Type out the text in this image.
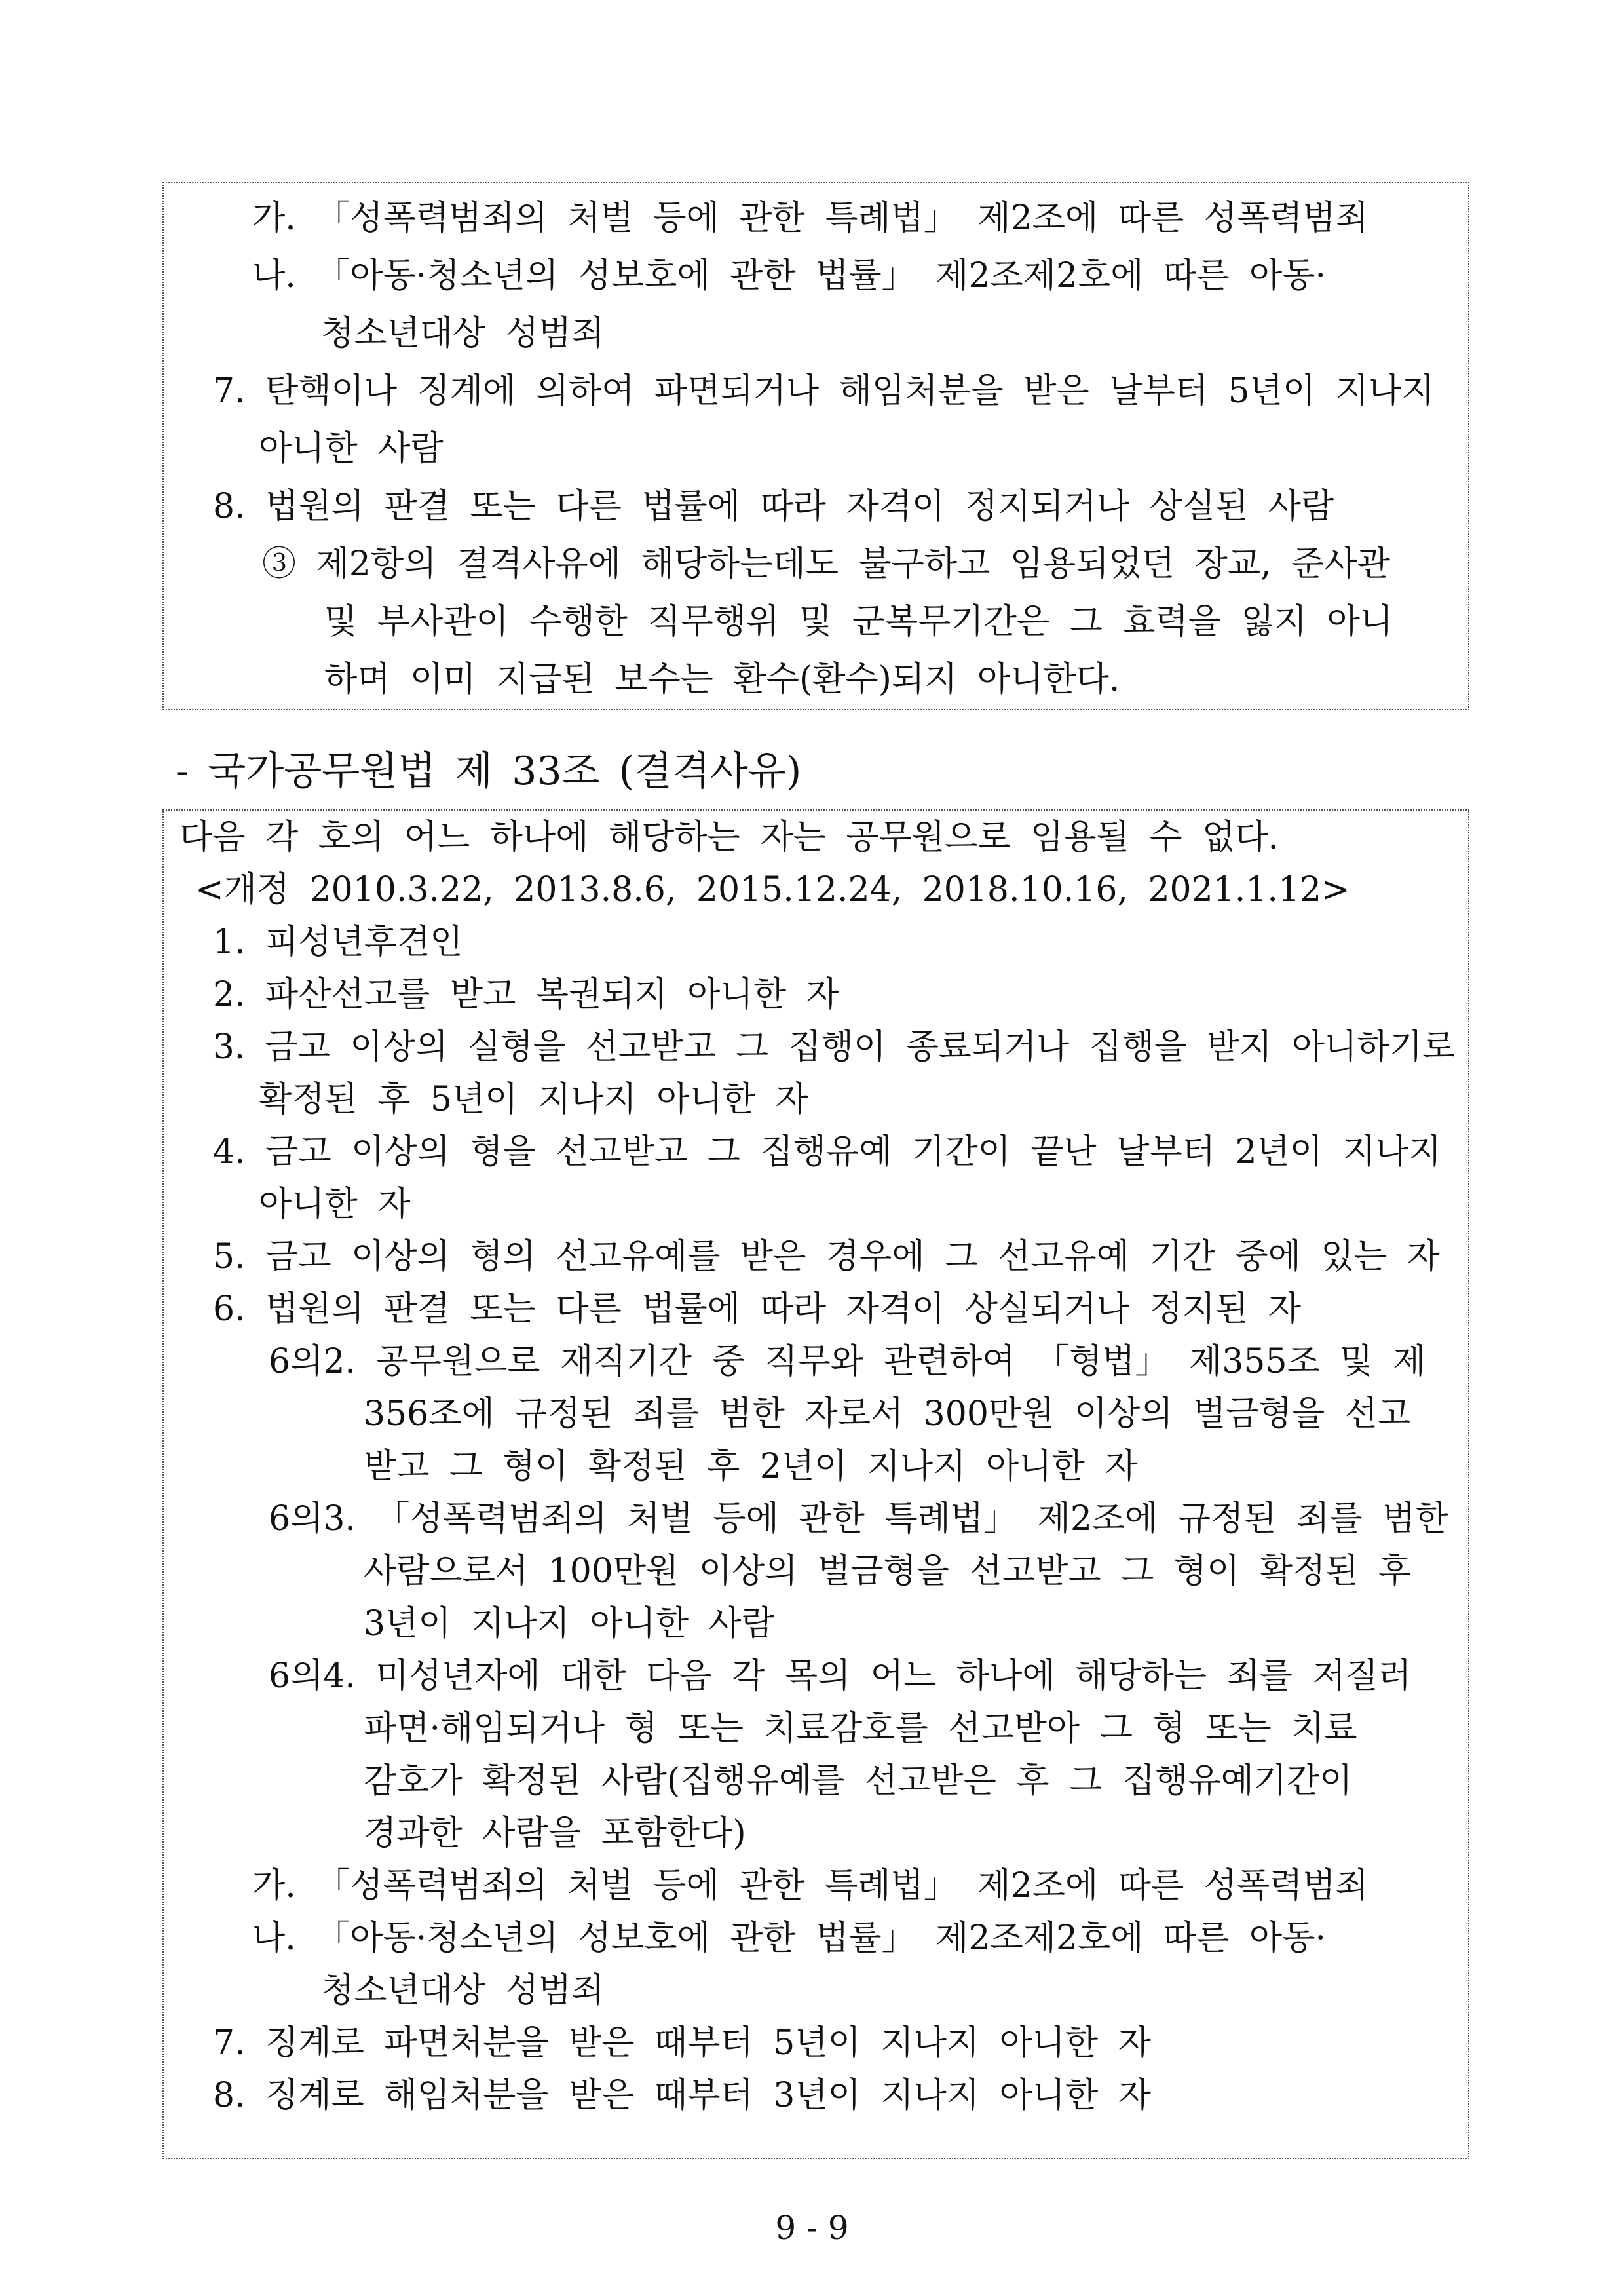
가. 「성폭력범죄의 처벌 등에 관한 특례법」 제2조에 따른 성폭력범죄
나. 「아동·청소년의 성보호에 관한 법률」 제2조제2호에 따른 아동·
청소년대상 성범죄
7. 탄핵이나 징계에 의하여 파면되거나 해임처분을 받은 날부터 5년이 지나지
아니한 사람
8. 법원의 판결 또는 다른 법률에 따라 자격이 정지되거나 상실된 사람
③ 제2항의 결격사유에 해당하는데도 불구하고 임용되었던 장교, 준사관
및 부사관이 수행한 직무행위 및 군복무기간은 그 효력을 잃지 아니
하며 이미 지급된 보수는 환수(환수)되지 아니한다.
- 국가공무원법 제 33조 (결격사유)
다음 각 호의 어느 하나에 해당하는 자는 공무원으로 임용될 수 없다.
<개정 2010.3.22, 2013.8.6, 2015.12.24, 2018.10.16, 2021.1.12>
1. 피성년후견인
2. 파산선고를 받고 복권되지 아니한 자
3. 금고 이상의 실형을 선고받고 그 집행이 종료되거나 집행을 받지 아니하기로
확정된 후 5년이 지나지 아니한 자
4. 금고 이상의 형을 선고받고 그 집행유예 기간이 끝난 날부터 2년이 지나지
아니한 자
5. 금고 이상의 형의 선고유예를 받은 경우에 그 선고유예 기간 중에 있는 자
6. 법원의 판결 또는 다른 법률에 따라 자격이 상실되거나 정지된 자
6의2. 공무원으로 재직기간 중 직무와 관련하여 「형법」 제355조 및 제
356조에 규정된 죄를 범한 자로서 300만원 이상의 벌금형을 선고
받고 그 형이 확정된 후 2년이 지나지 아니한 자
6의3. 「성폭력범죄의 처벌 등에 관한 특례법」 제2조에 규정된 죄를 범한
사람으로서 100만원 이상의 벌금형을 선고받고 그 형이 확정된 후
3년이 지나지 아니한 사람
6의4. 미성년자에 대한 다음 각 목의 어느 하나에 해당하는 죄를 저질러
파면·해임되거나 형 또는 치료감호를 선고받아 그 형 또는 치료
감호가 확정된 사람(집행유예를 선고받은 후 그 집행유예기간이
경과한 사람을 포함한다)
가. 「성폭력범죄의 처벌 등에 관한 특례법」 제2조에 따른 성폭력범죄
나. 「아동·청소년의 성보호에 관한 법률」 제2조제2호에 따른 아동·
청소년대상 성범죄
7. 징계로 파면처분을 받은 때부터 5년이 지나지 아니한 자
8. 징계로 해임처분을 받은 때부터 3년이 지나지 아니한 자
9 - 9
